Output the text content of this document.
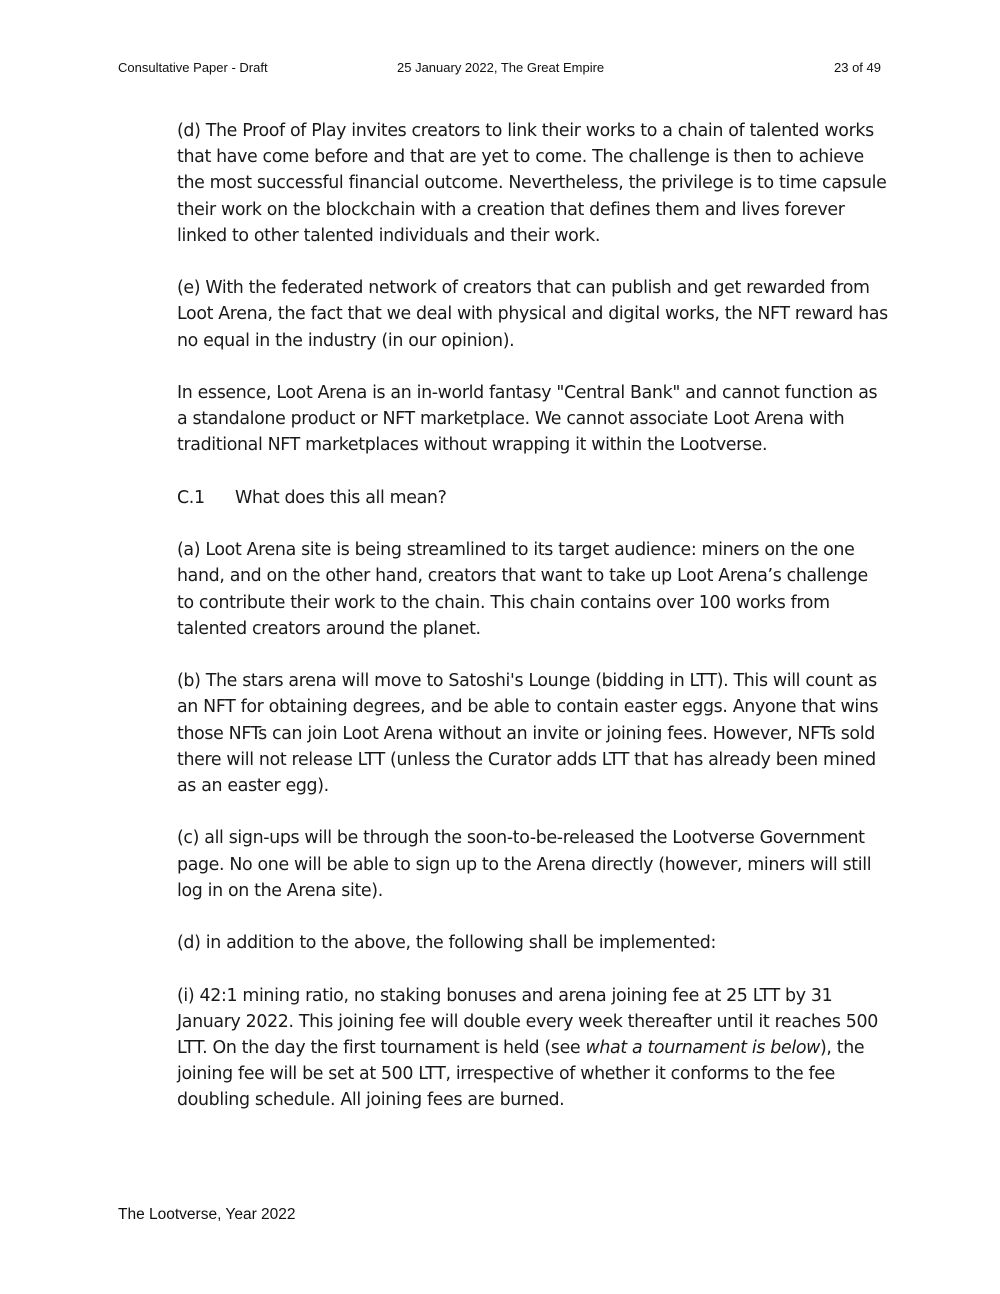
Consultative Paper - Draft	25 January 2022, The Great Empire	23 of 49

(d) The Proof of Play invites creators to link their works to a chain of talented works that have come before and that are yet to come. The challenge is then to achieve the most successful financial outcome. Nevertheless, the privilege is to time capsule their work on the blockchain with a creation that defines them and lives forever linked to other talented individuals and their work.

(e) With the federated network of creators that can publish and get rewarded from Loot Arena, the fact that we deal with physical and digital works, the NFT reward has no equal in the industry (in our opinion).

In essence, Loot Arena is an in-world fantasy "Central Bank" and cannot function as a standalone product or NFT marketplace. We cannot associate Loot Arena with traditional NFT marketplaces without wrapping it within the Lootverse.

C.1 What does this all mean?

(a) Loot Arena site is being streamlined to its target audience: miners on the one hand, and on the other hand, creators that want to take up Loot Arena’s challenge to contribute their work to the chain. This chain contains over 100 works from talented creators around the planet.

(b) The stars arena will move to Satoshi's Lounge (bidding in LTT). This will count as an NFT for obtaining degrees, and be able to contain easter eggs. Anyone that wins those NFTs can join Loot Arena without an invite or joining fees. However, NFTs sold there will not release LTT (unless the Curator adds LTT that has already been mined as an easter egg).

(c) all sign-ups will be through the soon-to-be-released the Lootverse Government page. No one will be able to sign up to the Arena directly (however, miners will still log in on the Arena site).

(d) in addition to the above, the following shall be implemented:

(i) 42:1 mining ratio, no staking bonuses and arena joining fee at 25 LTT by 31 January 2022. This joining fee will double every week thereafter until it reaches 500 LTT. On the day the first tournament is held (see what a tournament is below), the joining fee will be set at 500 LTT, irrespective of whether it conforms to the fee doubling schedule. All joining fees are burned.

The Lootverse, Year 2022
